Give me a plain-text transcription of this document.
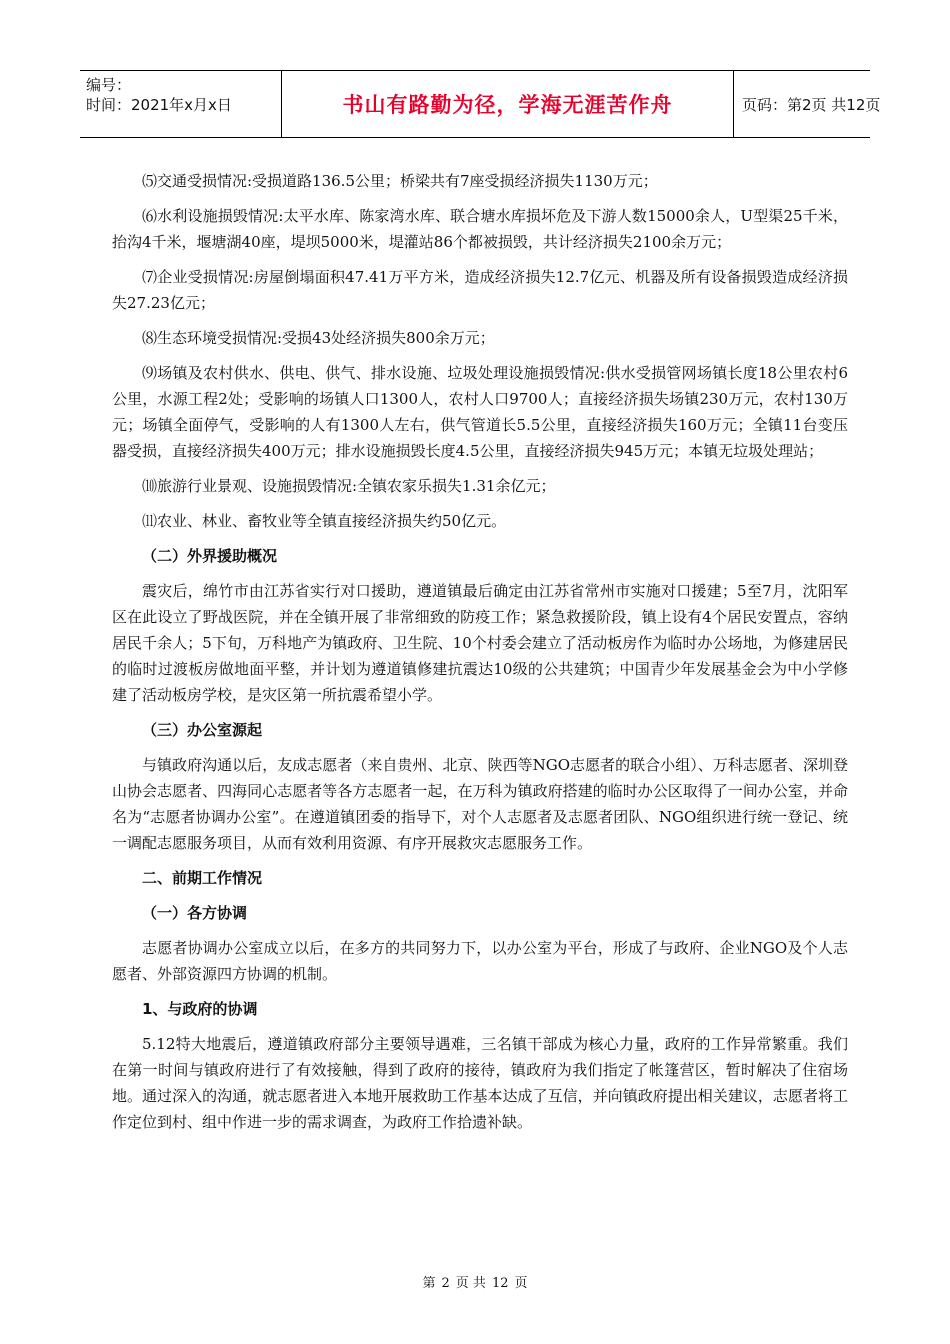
编号：
时间：2021年x月x日	书山有路勤为径，学海无涯苦作舟	页码：第2页 共12页

⑸交通受损情况:受损道路136.5公里；桥梁共有7座受损经济损失1130万元；

⑹水利设施损毁情况:太平水库、陈家湾水库、联合塘水库损坏危及下游人数15000余人，U型渠25千米，抬沟4千米，堰塘湖40座，堤坝5000米，堤灌站86个都被损毁，共计经济损失2100余万元；

⑺企业受损情况:房屋倒塌面积47.41万平方米，造成经济损失12.7亿元、机器及所有设备损毁造成经济损失27.23亿元；

⑻生态环境受损情况:受损43处经济损失800余万元；

⑼场镇及农村供水、供电、供气、排水设施、垃圾处理设施损毁情况:供水受损管网场镇长度18公里农村6公里，水源工程2处；受影响的场镇人口1300人，农村人口9700人；直接经济损失场镇230万元，农村130万元；场镇全面停气，受影响的人有1300人左右，供气管道长5.5公里，直接经济损失160万元；全镇11台变压器受损，直接经济损失400万元；排水设施损毁长度4.5公里，直接经济损失945万元；本镇无垃圾处理站；

⑽旅游行业景观、设施损毁情况:全镇农家乐损失1.31余亿元；

⑾农业、林业、畜牧业等全镇直接经济损失约50亿元。

（二）外界援助概况

震灾后，绵竹市由江苏省实行对口援助，遵道镇最后确定由江苏省常州市实施对口援建；5至7月，沈阳军区在此设立了野战医院，并在全镇开展了非常细致的防疫工作；紧急救援阶段，镇上设有4个居民安置点，容纳居民千余人；5下旬，万科地产为镇政府、卫生院、10个村委会建立了活动板房作为临时办公场地，为修建居民的临时过渡板房做地面平整，并计划为遵道镇修建抗震达10级的公共建筑；中国青少年发展基金会为中小学修建了活动板房学校，是灾区第一所抗震希望小学。

（三）办公室源起

与镇政府沟通以后，友成志愿者（来自贵州、北京、陕西等NGO志愿者的联合小组）、万科志愿者、深圳登山协会志愿者、四海同心志愿者等各方志愿者一起，在万科为镇政府搭建的临时办公区取得了一间办公室，并命名为“志愿者协调办公室”。在遵道镇团委的指导下，对个人志愿者及志愿者团队、NGO组织进行统一登记、统一调配志愿服务项目，从而有效利用资源、有序开展救灾志愿服务工作。

二、前期工作情况

（一）各方协调

志愿者协调办公室成立以后，在多方的共同努力下，以办公室为平台，形成了与政府、企业NGO及个人志愿者、外部资源四方协调的机制。

1、与政府的协调

5.12特大地震后，遵道镇政府部分主要领导遇难，三名镇干部成为核心力量，政府的工作异常繁重。我们在第一时间与镇政府进行了有效接触，得到了政府的接待，镇政府为我们指定了帐篷营区，暂时解决了住宿场地。通过深入的沟通，就志愿者进入本地开展救助工作基本达成了互信，并向镇政府提出相关建议，志愿者将工作定位到村、组中作进一步的需求调查，为政府工作拾遗补缺。

第 2 页 共 12 页
